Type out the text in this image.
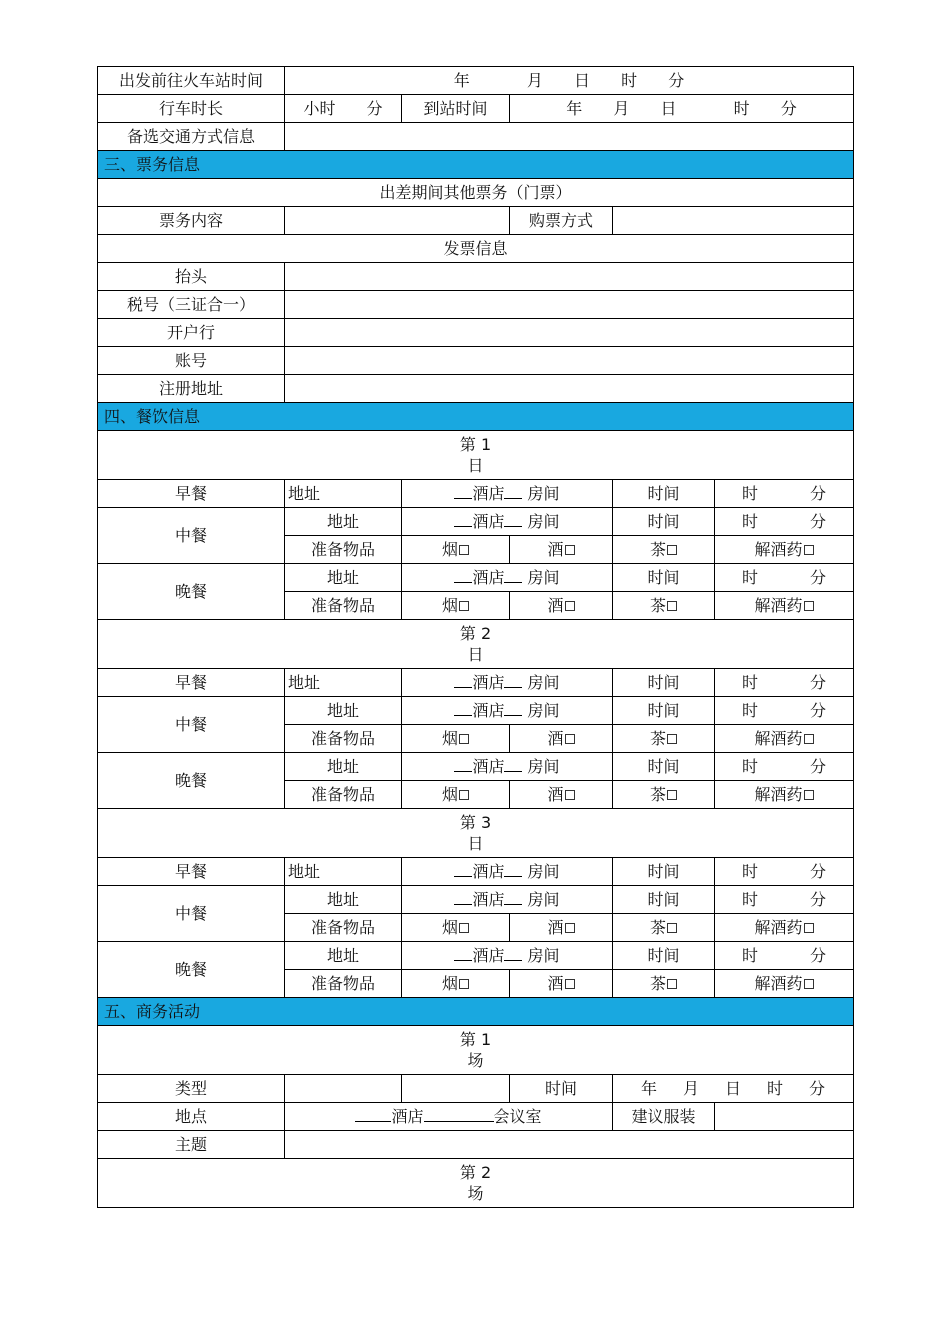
出发前往火车站时间	年 月 日 时 分				
行车时长	小时 分	到站时间	年 月 日 时 分		
备选交通方式信息					
三、票务信息					
出差期间其他票务（门票）					
票务内容			购票方式		
发票信息					
抬头					
税号（三证合一）					
开户行					
账号					
注册地址					
四、餐饮信息					

第 1
日					

早餐	地址	酒店 房间		时间	时 分
中餐	地址	酒店 房间		时间	时 分
	准备物品	烟	酒	茶	解酒药
晚餐	地址	酒店 房间		时间	时 分
	准备物品	烟	酒	茶	解酒药

第 2
日					

早餐	地址	酒店 房间		时间	时 分
中餐	地址	酒店 房间		时间	时 分
	准备物品	烟	酒	茶	解酒药
晚餐	地址	酒店 房间		时间	时 分
	准备物品	烟	酒	茶	解酒药

第 3
日					

早餐	地址	酒店 房间		时间	时 分
中餐	地址	酒店 房间		时间	时 分
	准备物品	烟	酒	茶	解酒药
晚餐	地址	酒店 房间		时间	时 分
	准备物品	烟	酒	茶	解酒药
五、商务活动					

第 1
场					

类型			时间	年 月 日 时 分	
地点	酒店 会议室			建议服装	
主题					

第 2
场					
